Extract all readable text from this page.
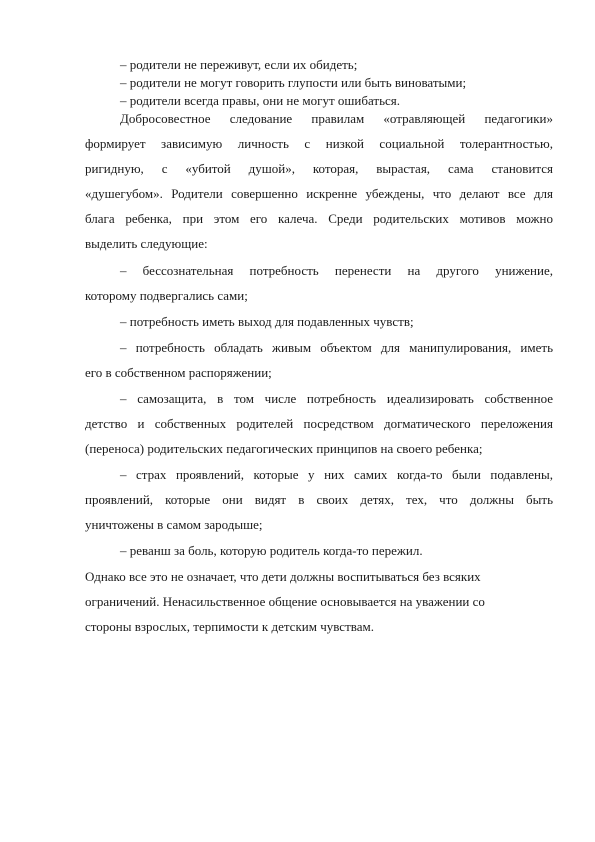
– родители не переживут, если их обидеть;
– родители не могут говорить глупости или быть виноватыми;
– родители всегда правы, они не могут ошибаться.
Добросовестное следование правилам «отравляющей педагогики»
формирует зависимую личность с низкой социальной толерантностью,
ригидную, с «убитой душой», которая, вырастая, сама становится
«душегубом». Родители совершенно искренне убеждены, что делают все для
блага ребенка, при этом его калеча. Среди родительских мотивов можно
выделить следующие:
– бессознательная потребность перенести на другого унижение,
которому подвергались сами;
– потребность иметь выход для подавленных чувств;
– потребность обладать живым объектом для манипулирования, иметь
его в собственном распоряжении;
– самозащита, в том числе потребность идеализировать собственное
детство и собственных родителей посредством догматического переложения
(переноса) родительских педагогических принципов на своего ребенка;
– страх проявлений, которые у них самих когда-то были подавлены,
проявлений, которые они видят в своих детях, тех, что должны быть
уничтожены в самом зародыше;
– реванш за боль, которую родитель когда-то пережил.
Однако все это не означает, что дети должны воспитываться без всяких
ограничений. Ненасильственное общение основывается на уважении со
стороны взрослых, терпимости к детским чувствам.
